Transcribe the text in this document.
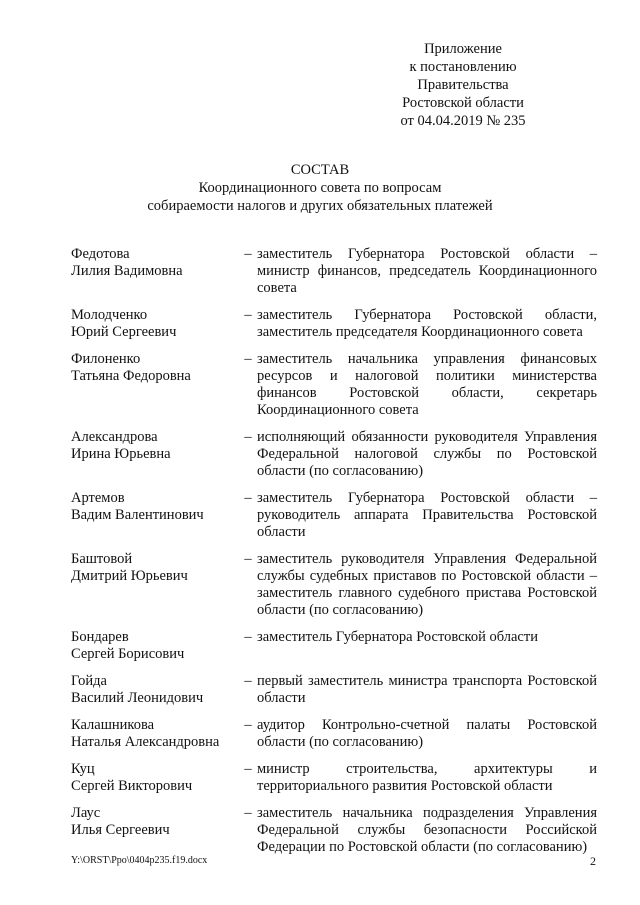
Приложение
к постановлению
Правительства
Ростовской области
от 04.04.2019 № 235
СОСТАВ
Координационного совета по вопросам
собираемости налогов и других обязательных платежей
Федотова
Лилия Вадимовна
– заместитель Губернатора Ростовской области – министр финансов, председатель Координационного совета
Молодченко
Юрий Сергеевич
– заместитель Губернатора Ростовской области, заместитель председателя Координационного совета
Филоненко
Татьяна Федоровна
– заместитель начальника управления финансовых ресурсов и налоговой политики министерства финансов Ростовской области, секретарь Координационного совета
Александрова
Ирина Юрьевна
– исполняющий обязанности руководителя Управления Федеральной налоговой службы по Ростовской области (по согласованию)
Артемов
Вадим Валентинович
– заместитель Губернатора Ростовской области – руководитель аппарата Правительства Ростовской области
Баштовой
Дмитрий Юрьевич
– заместитель руководителя Управления Федеральной службы судебных приставов по Ростовской области – заместитель главного судебного пристава Ростовской области (по согласованию)
Бондарев
Сергей Борисович
– заместитель Губернатора Ростовской области
Гойда
Василий Леонидович
– первый заместитель министра транспорта Ростовской области
Калашникова
Наталья Александровна
– аудитор Контрольно-счетной палаты Ростовской области (по согласованию)
Куц
Сергей Викторович
– министр строительства, архитектуры и территориального развития Ростовской области
Лаус
Илья Сергеевич
– заместитель начальника подразделения Управления Федеральной службы безопасности Российской Федерации по Ростовской области (по согласованию)
Y:\ORST\Ppo\0404p235.f19.docx	2
